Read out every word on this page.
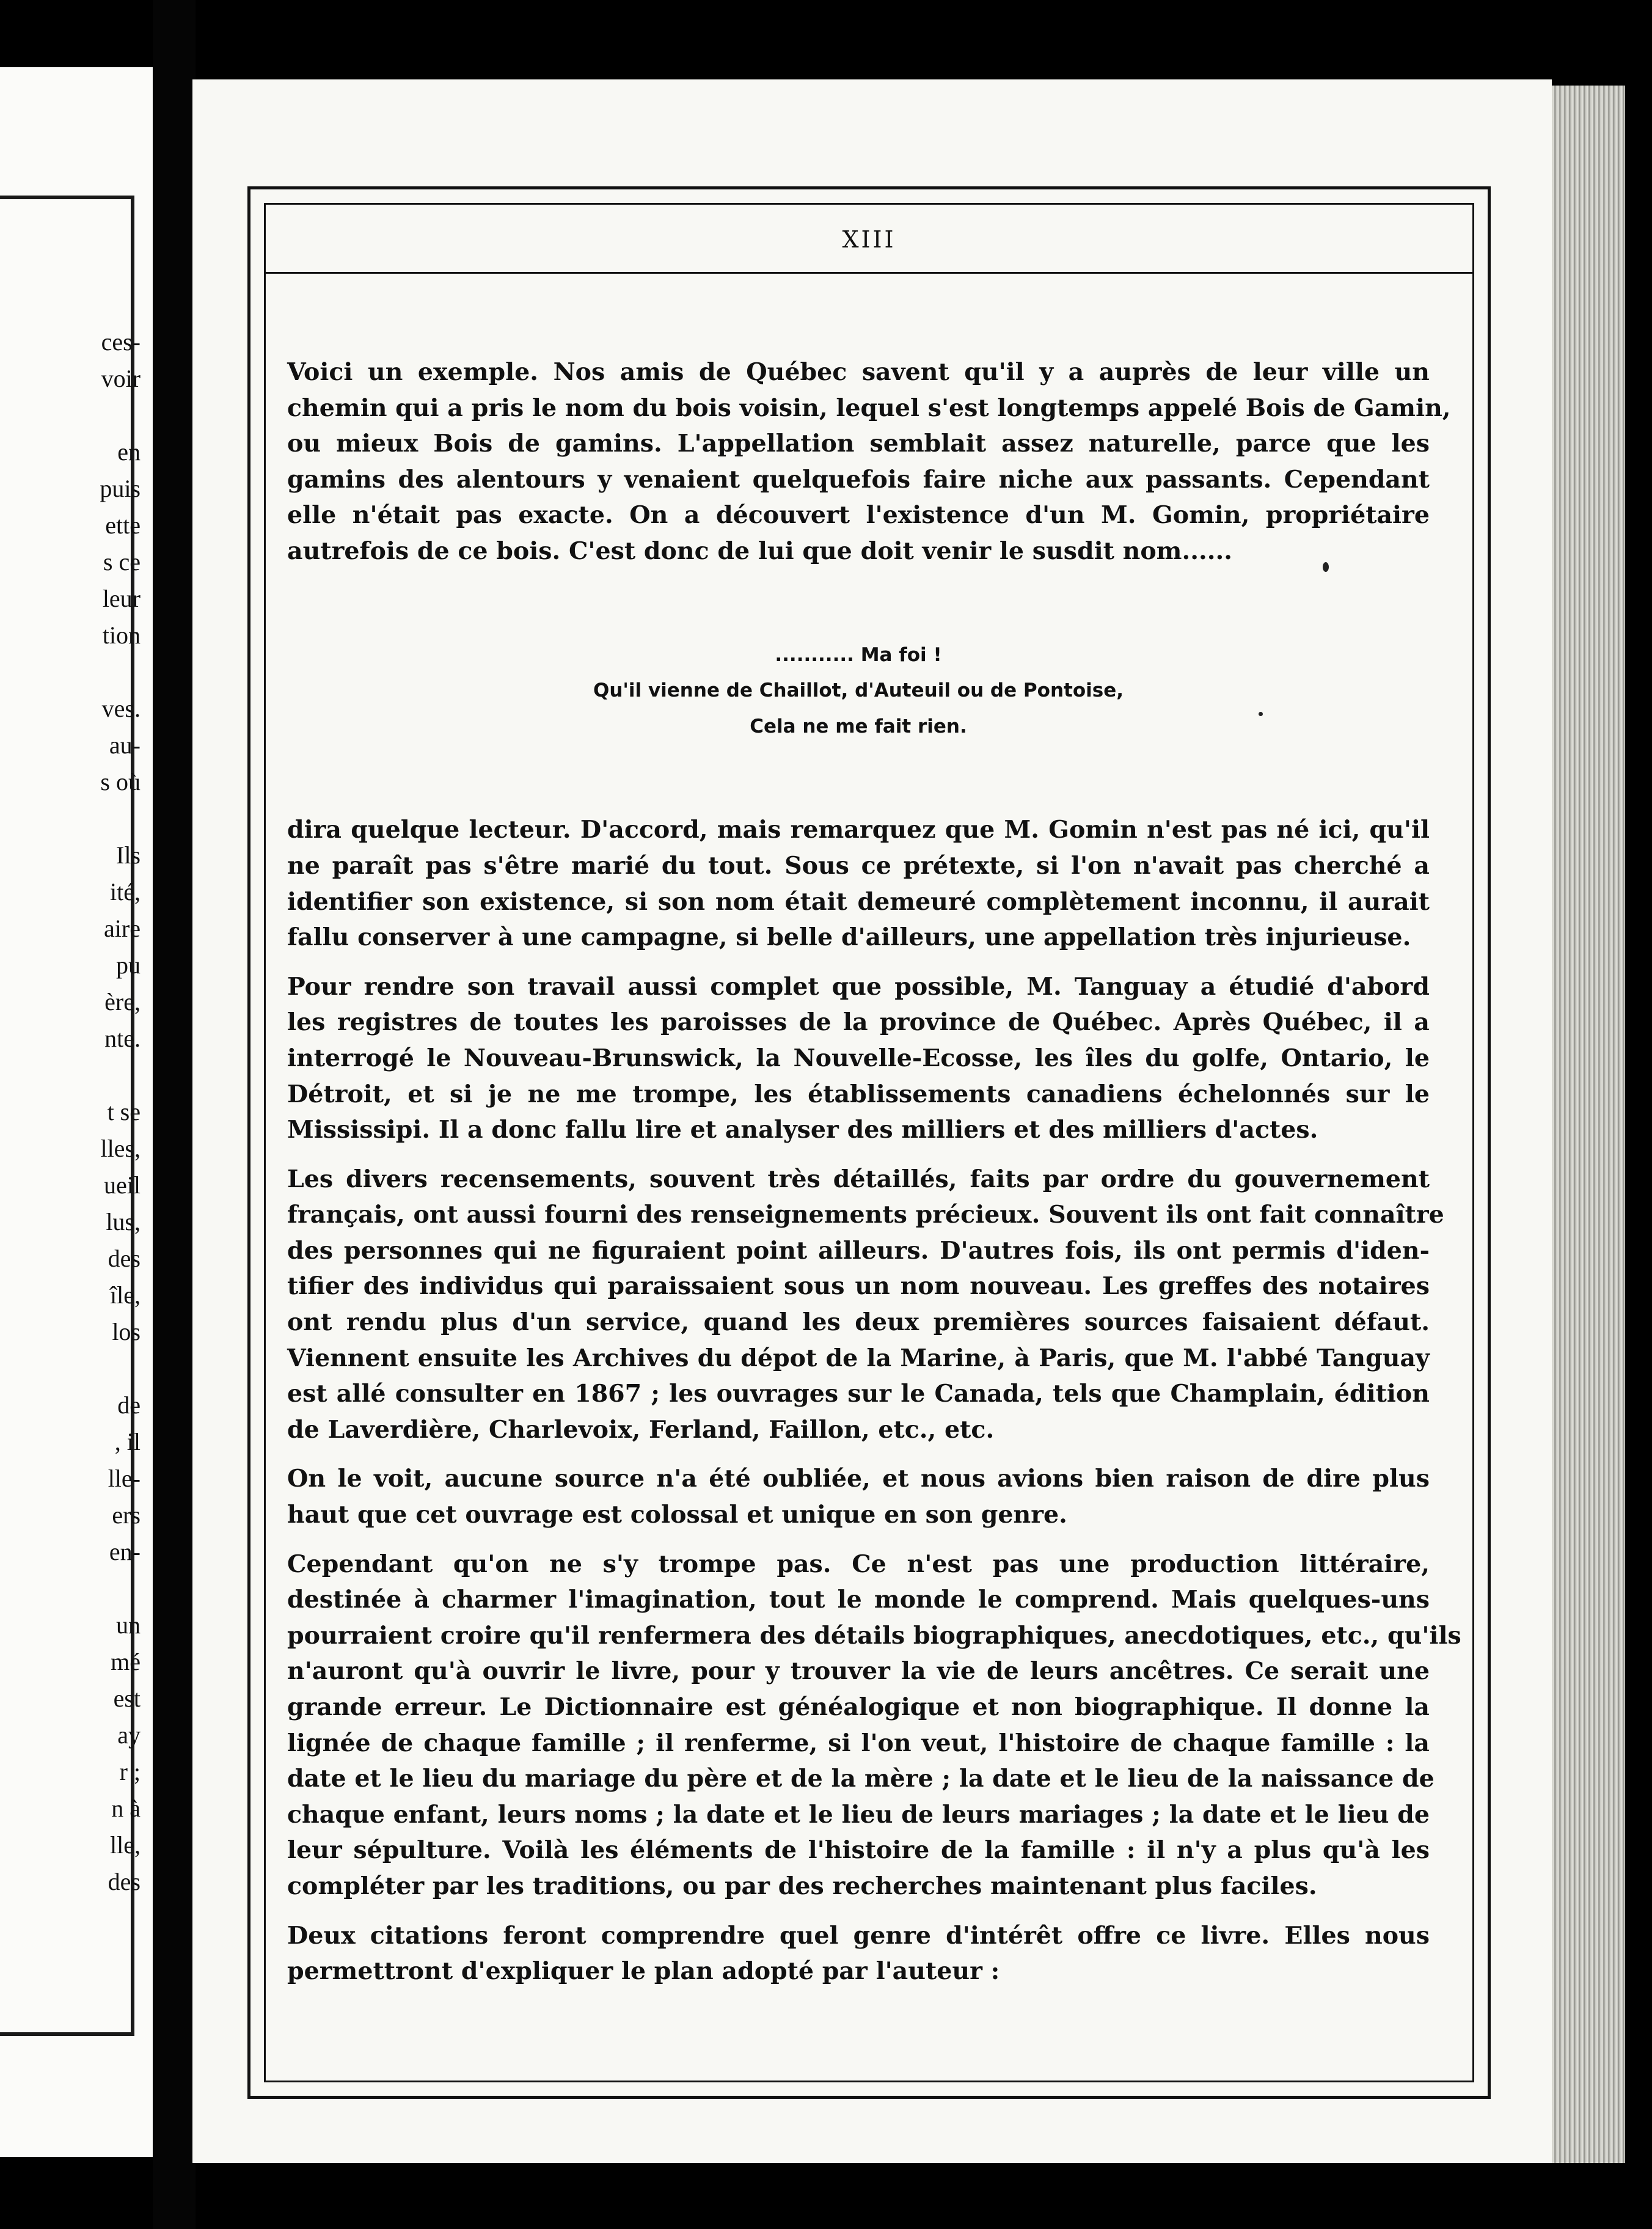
ces-
voir
en
puis
ette
s ce
leur
tion
ves.
au-
s où
Ils
ité,
aire
pu
ère,
nte.
t se
lles,
ueil
lus,
des
île,
los
de
, il
lle-
ers
en-
un
mé
est
ay
r ;
n à
lle,
des
XIII
Voici un exemple. Nos amis de Québec savent qu'il y a auprès de leur ville un
chemin qui a pris le nom du bois voisin, lequel s'est longtemps appelé Bois de Gamin,
ou mieux Bois de gamins. L'appellation semblait assez naturelle, parce que les
gamins des alentours y venaient quelquefois faire niche aux passants. Cependant
elle n'était pas exacte. On a découvert l'existence d'un M. Gomin, propriétaire
autrefois de ce bois. C'est donc de lui que doit venir le susdit nom......
........... Ma foi !
Qu'il vienne de Chaillot, d'Auteuil ou de Pontoise,
Cela ne me fait rien.
dira quelque lecteur. D'accord, mais remarquez que M. Gomin n'est pas né ici, qu'il
ne paraît pas s'être marié du tout. Sous ce prétexte, si l'on n'avait pas cherché a
identifier son existence, si son nom était demeuré complètement inconnu, il aurait
fallu conserver à une campagne, si belle d'ailleurs, une appellation très injurieuse.
Pour rendre son travail aussi complet que possible, M. Tanguay a étudié d'abord
les registres de toutes les paroisses de la province de Québec. Après Québec, il a
interrogé le Nouveau-Brunswick, la Nouvelle-Ecosse, les îles du golfe, Ontario, le
Détroit, et si je ne me trompe, les établissements canadiens échelonnés sur le
Mississipi. Il a donc fallu lire et analyser des milliers et des milliers d'actes.
Les divers recensements, souvent très détaillés, faits par ordre du gouvernement
français, ont aussi fourni des renseignements précieux. Souvent ils ont fait connaître
des personnes qui ne figuraient point ailleurs. D'autres fois, ils ont permis d'iden-
tifier des individus qui paraissaient sous un nom nouveau. Les greffes des notaires
ont rendu plus d'un service, quand les deux premières sources faisaient défaut.
Viennent ensuite les Archives du dépot de la Marine, à Paris, que M. l'abbé Tanguay
est allé consulter en 1867 ; les ouvrages sur le Canada, tels que Champlain, édition
de Laverdière, Charlevoix, Ferland, Faillon, etc., etc.
On le voit, aucune source n'a été oubliée, et nous avions bien raison de dire plus
haut que cet ouvrage est colossal et unique en son genre.
Cependant qu'on ne s'y trompe pas. Ce n'est pas une production littéraire,
destinée à charmer l'imagination, tout le monde le comprend. Mais quelques-uns
pourraient croire qu'il renfermera des détails biographiques, anecdotiques, etc., qu'ils
n'auront qu'à ouvrir le livre, pour y trouver la vie de leurs ancêtres. Ce serait une
grande erreur. Le Dictionnaire est généalogique et non biographique. Il donne la
lignée de chaque famille ; il renferme, si l'on veut, l'histoire de chaque famille : la
date et le lieu du mariage du père et de la mère ; la date et le lieu de la naissance de
chaque enfant, leurs noms ; la date et le lieu de leurs mariages ; la date et le lieu de
leur sépulture. Voilà les éléments de l'histoire de la famille : il n'y a plus qu'à les
compléter par les traditions, ou par des recherches maintenant plus faciles.
Deux citations feront comprendre quel genre d'intérêt offre ce livre. Elles nous
permettront d'expliquer le plan adopté par l'auteur :
